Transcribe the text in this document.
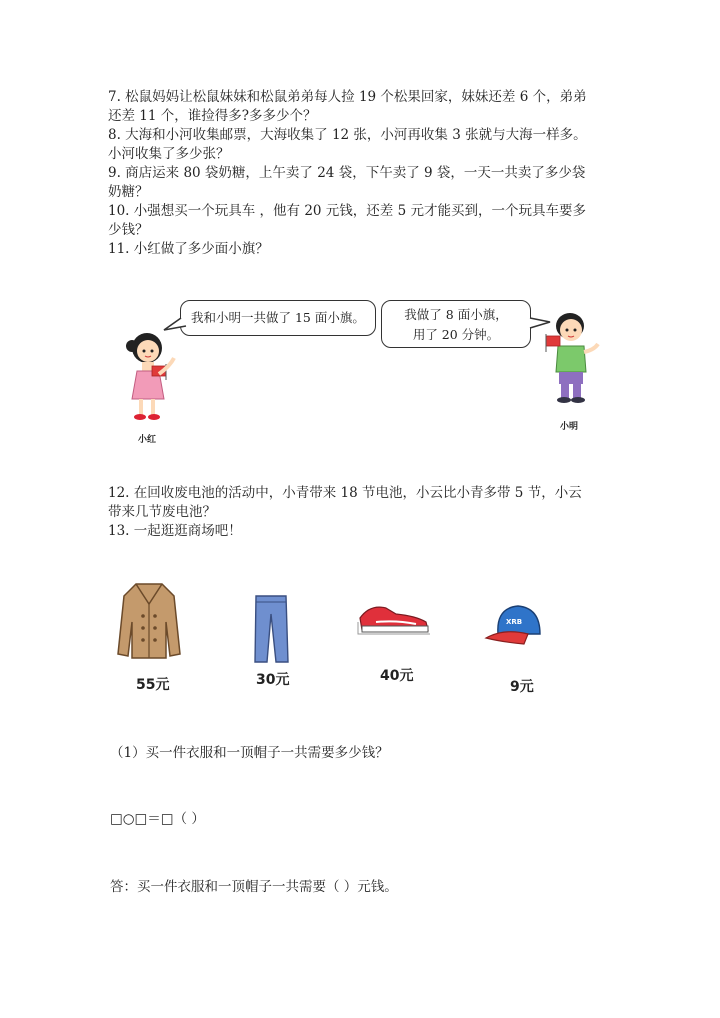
7. 松鼠妈妈让松鼠妹妹和松鼠弟弟每人捡 19 个松果回家，妹妹还差 6 个，弟弟
还差 11 个，谁捡得多?多多少个？
8. 大海和小河收集邮票，大海收集了 12 张，小河再收集 3 张就与大海一样多。
小河收集了多少张？
9. 商店运来 80 袋奶糖，上午卖了 24 袋，下午卖了 9 袋，一天一共卖了多少袋
奶糖？
10. 小强想买一个玩具车 ，他有 20 元钱，还差 5 元才能买到，一个玩具车要多
少钱？
11. 小红做了多少面小旗？
我和小明一共做了 15 面小旗。	我做了 8 面小旗，
用了 20 分钟。
小红
小明
12. 在回收废电池的活动中，小青带来 18 节电池，小云比小青多带 5 节，小云
带来几节废电池？
13. 一起逛逛商场吧！
55元	30元	40元
XRB
9元
（1）买一件衣服和一顶帽子一共需要多少钱？
□○□＝□（ ）
答：买一件衣服和一顶帽子一共需要（ ）元钱。
